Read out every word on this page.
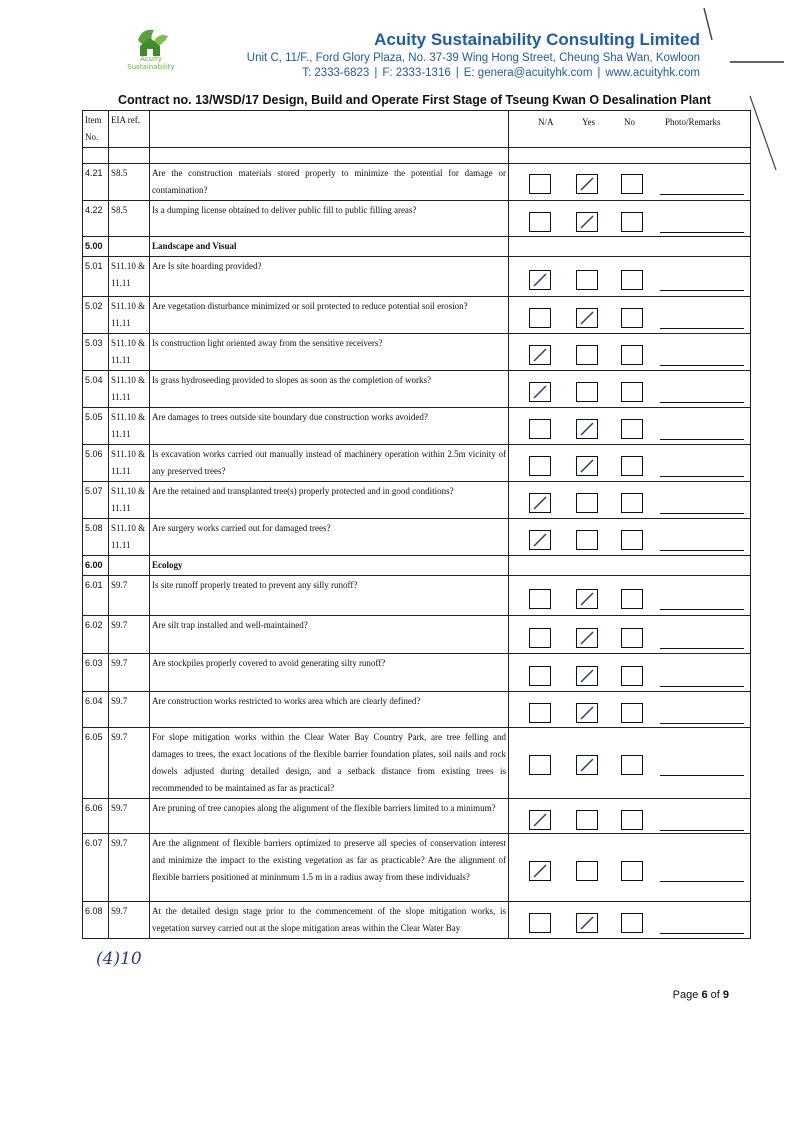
Acuity
Sustainability
Acuity Sustainability Consulting Limited
Unit C, 11/F., Ford Glory Plaza, No. 37-39 Wing Hong Street, Cheung Sha Wan, Kowloon
T: 2333-6823 | F: 2333-1316 | E: genera@acuityhk.com | www.acuityhk.com
Contract no. 13/WSD/17 Design, Build and Operate First Stage of Tseung Kwan O Desalination Plant
Item No.	EIA ref.		N/A Yes No Photo/Remarks

4.21	S8.5	Are the construction materials stored properly to minimize the potential for damage or contamination?	

4.22	S8.5	Is a dumping license obtained to deliver public fill to public filling areas?	

5.00		Landscape and Visual	
5.01	S11.10 & 11.11	Are Is site hoarding provided?	

5.02	S11.10 & 11.11	Are vegetation disturbance minimized or soil protected to reduce potential soil erosion?	

5.03	S11.10 & 11.11	Is construction light oriented away from the sensitive receivers?	

5.04	S11.10 & 11.11	Is grass hydroseeding provided to slopes as soon as the completion of works?	

5.05	S11.10 & 11.11	Are damages to trees outside site boundary due construction works avoided?	

5.06	S11.10 & 11.11	Is excavation works carried out manually instead of machinery operation within 2.5m vicinity of any preserved trees?	

5.07	S11.10 & 11.11	Are the retained and transplanted tree(s) properly protected and in good conditions?	

5.08	S11.10 & 11.11	Are surgery works carried out for damaged trees?	

6.00		Ecology	
6.01	S9.7	Is site runoff properly treated to prevent any silly runoff?	

6.02	S9.7	Are silt trap installed and well-maintained?	

6.03	S9.7	Are stockpiles properly covered to avoid generating silty runoff?	

6.04	S9.7	Are construction works restricted to works area which are clearly defined?	

6.05	S9.7	For slope mitigation works within the Clear Water Bay Country Park, are tree felling and damages to trees, the exact locations of the flexible barrier foundation plates, soil nails and rock dowels adjusted during detailed design, and a setback distance from existing trees is recommended to be maintained as far as practical?	

6.06	S9.7	Are pruning of tree canopies along the alignment of the flexible barriers limited to a minimum?	

6.07	S9.7	Are the alignment of flexible barriers optimized to preserve all species of conservation interest and minimize the impact to the existing vegetation as far as practicable? Are the alignment of flexible barriers positioned at mininmum 1.5 m in a radius away from these individuals?	

6.08	S9.7	At the detailed design stage prior to the commencement of the slope mitigation works, is vegetation survey carried out at the slope mitigation areas within the Clear Water Bay	
(4)10
Page 6 of 9
